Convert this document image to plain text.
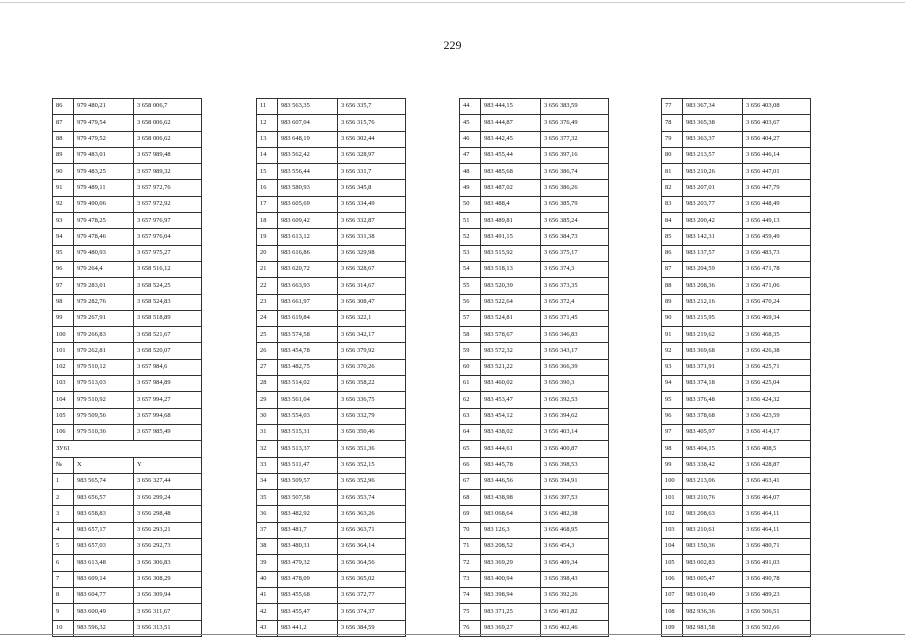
229
86	979 480,21	3 658 006,7
87	979 479,54	3 658 006,62
88	979 479,52	3 658 006,62
89	979 483,01	3 657 989,48
90	979 483,25	3 657 989,32
91	979 489,11	3 657 972,76
92	979 490,06	3 657 972,92
93	979 478,25	3 657 976,97
94	979 478,46	3 657 976,04
95	979 480,93	3 657 975,27
96	979 264,4	3 658 516,12
97	979 283,01	3 658 524,25
98	979 282,76	3 658 524,83
99	979 267,91	3 658 518,89
100	979 266,83	3 658 521,67
101	979 262,81	3 658 520,07
102	979 510,12	3 657 984,6
103	979 513,03	3 657 984,89
104	979 510,92	3 657 994,27
105	979 509,56	3 657 994,68
106	979 510,36	3 657 985,49
ЗУ61		
№	X	Y
1	983 565,74	3 656 327,44
2	983 656,57	3 656 299,24
3	983 658,83	3 656 298,48
4	983 657,17	3 656 293,21
5	983 657,03	3 656 292,73
6	983 613,48	3 656 306,83
7	983 609,14	3 656 308,29
8	983 604,77	3 656 309,94
9	983 600,49	3 656 311,67
10	983 596,32	3 656 313,51
11	983 563,35	3 656 335,7
12	983 607,04	3 656 315,76
13	983 648,19	3 656 302,44
14	983 562,42	3 656 328,97
15	983 556,44	3 656 331,7
16	983 580,93	3 656 345,8
17	983 605,69	3 656 334,49
18	983 609,42	3 656 332,87
19	983 613,12	3 656 331,38
20	983 616,86	3 656 329,98
21	983 620,72	3 656 328,67
22	983 663,93	3 656 314,67
23	983 661,97	3 656 308,47
24	983 619,84	3 656 322,1
25	983 574,58	3 656 342,17
26	983 454,78	3 656 379,92
27	983 482,75	3 656 370,26
28	983 514,02	3 656 358,22
29	983 561,04	3 656 336,75
30	983 554,03	3 656 332,79
31	983 515,31	3 656 350,46
32	983 513,37	3 656 351,36
33	983 511,47	3 656 352,15
34	983 509,57	3 656 352,96
35	983 507,58	3 656 353,74
36	983 482,92	3 656 363,26
37	983 481,7	3 656 363,71
38	983 480,31	3 656 364,14
39	983 479,32	3 656 364,56
40	983 478,09	3 656 365,02
41	983 455,68	3 656 372,77
42	983 455,47	3 656 374,37
43	983 441,2	3 656 384,59
44	983 444,15	3 656 383,59
45	983 444,87	3 656 376,49
46	983 442,45	3 656 377,32
47	983 455,44	3 656 397,16
48	983 485,68	3 656 386,74
49	983 487,02	3 656 386,26
50	983 488,4	3 656 385,79
51	983 489,81	3 656 385,24
52	983 491,15	3 656 384,73
53	983 515,92	3 656 375,17
54	983 518,13	3 656 374,3
55	983 520,39	3 656 373,35
56	983 522,64	3 656 372,4
57	983 524,81	3 656 371,45
58	983 578,67	3 656 346,83
59	983 572,32	3 656 343,17
60	983 521,22	3 656 366,39
61	983 460,02	3 656 390,3
62	983 453,47	3 656 392,53
63	983 454,12	3 656 394,62
64	983 438,02	3 656 403,14
65	983 444,61	3 656 400,87
66	983 445,78	3 656 398,53
67	983 446,56	3 656 394,91
68	983 438,98	3 656 397,53
69	983 068,64	3 656 482,38
70	983 126,3	3 656 468,95
71	983 208,52	3 656 454,3
72	983 369,29	3 656 409,34
73	983 400,94	3 656 398,43
74	983 398,94	3 656 392,26
75	983 371,25	3 656 401,82
76	983 369,27	3 656 402,46
77	983 367,34	3 656 403,08
78	983 365,38	3 656 403,67
79	983 363,37	3 656 404,27
80	983 213,57	3 656 446,14
81	983 210,26	3 656 447,01
82	983 207,01	3 656 447,79
83	983 203,77	3 656 448,49
84	983 200,42	3 656 449,13
85	983 142,31	3 656 459,49
86	983 137,57	3 656 483,73
87	983 204,59	3 656 471,78
88	983 208,36	3 656 471,06
89	983 212,16	3 656 470,24
90	983 215,95	3 656 469,34
91	983 219,62	3 656 468,35
92	983 369,68	3 656 426,38
93	983 371,91	3 656 425,71
94	983 374,18	3 656 425,04
95	983 376,48	3 656 424,32
96	983 378,68	3 656 423,59
97	983 405,97	3 656 414,17
98	983 404,15	3 656 408,5
99	983 338,42	3 656 428,87
100	983 213,06	3 656 463,41
101	983 210,76	3 656 464,07
102	983 208,63	3 656 464,11
103	983 210,61	3 656 464,11
104	983 150,36	3 656 480,71
105	983 002,83	3 656 491,03
106	983 005,47	3 656 490,78
107	983 010,49	3 656 489,23
108	982 936,36	3 656 506,51
109	982 981,58	3 656 502,66
